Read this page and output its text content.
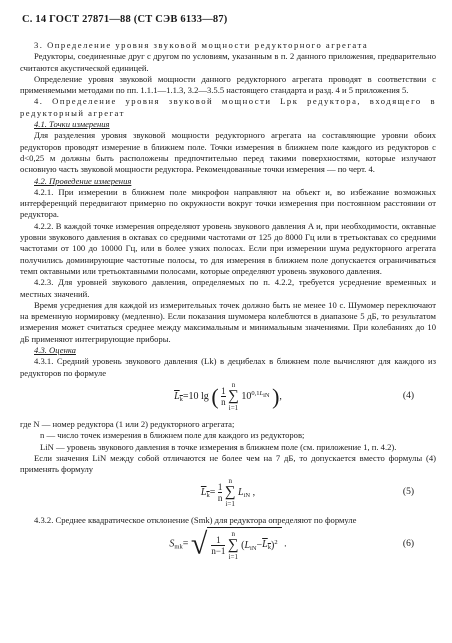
С. 14 ГОСТ 27871—88 (СТ СЭВ 6133—87)

3. Определение уровня звуковой мощности редукторного агрегата

Редукторы, соединенные друг с другом по условиям, указанным в п. 2 данного приложения, предварительно считаются акустической единицей.

Определение уровня звуковой мощности данного редукторного агрегата проводят в соответствии с применяемыми методами по пп. 1.1.1—1.1.3, 3.2—3.5.5 настоящего стандарта и разд. 4 и 5 приложения 5.

4. Определение уровня звуковой мощности Lрк редуктора, входящего в редукторный агрегат

4.1. Точки измерения

Для разделения уровня звуковой мощности редукторного агрегата на составляющие уровни обоих редукторов проводят измерение в ближнем поле. Точки измерения в ближнем поле каждого из редукторов с d<0,25 м должны быть расположены предпочтительно перед такими поверхностями, которые излучают основную часть звуковой мощности редуктора. Рекомендованные точки измерения — по черт. 4.

4.2. Проведение измерения

4.2.1. При измерении в ближнем поле микрофон направляют на объект и, во избежание возможных интерференций передвигают примерно по окружности вокруг точки измерения при постоянном расстоянии от редуктора.

4.2.2. В каждой точке измерения определяют уровень звукового давления A и, при необходимости, октавные уровни звукового давления в октавах со средними частотами от 125 до 8000 Гц или в третьоктавах со средними частотами от 100 до 10000 Гц, или в более узких полосах. Если при измерении шума редукторного агрегата получились доминирующие частотные полосы, то для измерения в ближнем поле допускается ограничиваться темп октавными или третьоктавными полосами, которые определяют уровень звукового давления.

4.2.3. Для уровней звукового давления, определяемых по п. 4.2.2, требуется усреднение временных и местных значений.

Время усреднения для каждой из измерительных точек должно быть не менее 10 с. Шумомер переключают на временную нормировку (медленно). Если показания шумомера колеблются в диапазоне 5 дБ, то результатом измерения может считаться среднее между максимальным и минимальным значениями. При колебаниях до 10 дБ применяют интегрирующие приборы.

4.3. Оценка

4.3.1. Средний уровень звукового давления (Lk) в децибелах в ближнем поле вычисляют для каждого из редукторов по формуле

$L_k=10$ lg ( $\frac{1}{n}$

n
∑
i=1
$10^{0,1L_{iN}}$ ),	(4)

где N — номер редуктора (1 или 2) редукторного агрегата;

n — число точек измерения в ближнем поле для каждого из редукторов;

LiN — уровень звукового давления в точке измерения в ближнем поле (см. приложение 1, п. 4.2).

Если значения LiN между собой отличаются не более чем на 7 дБ, то допускается вместо формулы (4) применять формулу

$L_k= \frac{1}{n}$

n
∑
i=1
$L_{iN}$ ,	(5)

4.3.2. Среднее квадратическое отклонение (Smk) для редуктора определяют по формуле

$S_{mk}=$ √ $\frac{1}{n-1}$

n
∑
i=1
$(L_{iN}-L_k)^2$ .	(6)
